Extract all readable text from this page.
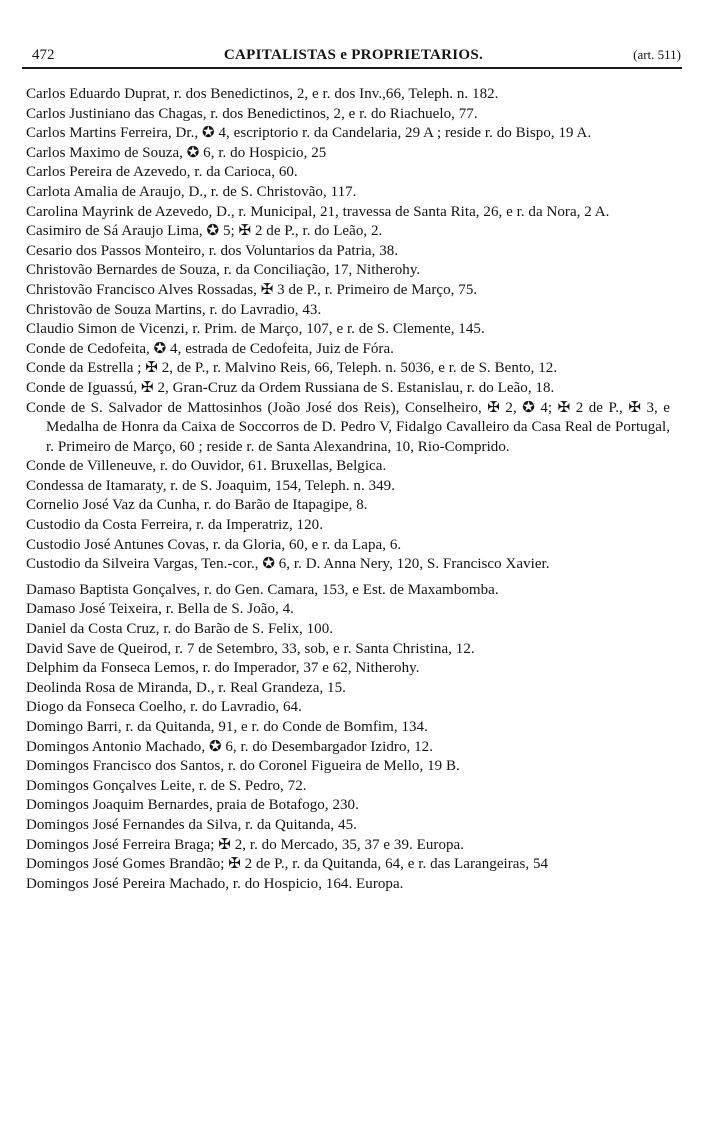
472	CAPITALISTAS e PROPRIETARIOS.	(art. 511)
Carlos Eduardo Duprat, r. dos Benedictinos, 2, e r. dos Inv.,66, Teleph. n. 182.
Carlos Justiniano das Chagas, r. dos Benedictinos, 2, e r. do Riachuelo, 77.
Carlos Martins Ferreira, Dr., ✪ 4, escriptorio r. da Candelaria, 29 A ; reside r. do Bispo, 19 A.
Carlos Maximo de Souza, ✪ 6, r. do Hospicio, 25
Carlos Pereira de Azevedo, r. da Carioca, 60.
Carlota Amalia de Araujo, D., r. de S. Christovão, 117.
Carolina Mayrink de Azevedo, D., r. Municipal, 21, travessa de Santa Rita, 26, e r. da Nora, 2 A.
Casimiro de Sá Araujo Lima, ✪ 5; ✠ 2 de P., r. do Leão, 2.
Cesario dos Passos Monteiro, r. dos Voluntarios da Patria, 38.
Christovão Bernardes de Souza, r. da Conciliação, 17, Nitherohy.
Christovão Francisco Alves Rossadas, ✠ 3 de P., r. Primeiro de Março, 75.
Christovão de Souza Martins, r. do Lavradio, 43.
Claudio Simon de Vicenzi, r. Prim. de Março, 107, e r. de S. Clemente, 145.
Conde de Cedofeita, ✪ 4, estrada de Cedofeita, Juiz de Fóra.
Conde da Estrella ; ✠ 2, de P., r. Malvino Reis, 66, Teleph. n. 5036, e r. de S. Bento, 12.
Conde de Iguassú, ✠ 2, Gran-Cruz da Ordem Russiana de S. Estanislau, r. do Leão, 18.
Conde de S. Salvador de Mattosinhos (João José dos Reis), Conselheiro, ✠ 2, ✪ 4; ✠ 2 de P., ✠ 3, e Medalha de Honra da Caixa de Soccorros de D. Pedro V, Fidalgo Cavalleiro da Casa Real de Portugal, r. Primeiro de Março, 60 ; reside r. de Santa Alexandrina, 10, Rio-Comprido.
Conde de Villeneuve, r. do Ouvidor, 61. Bruxellas, Belgica.
Condessa de Itamaraty, r. de S. Joaquim, 154, Teleph. n. 349.
Cornelio José Vaz da Cunha, r. do Barão de Itapagipe, 8.
Custodio da Costa Ferreira, r. da Imperatriz, 120.
Custodio José Antunes Covas, r. da Gloria, 60, e r. da Lapa, 6.
Custodio da Silveira Vargas, Ten.-cor., ✪ 6, r. D. Anna Nery, 120, S. Francisco Xavier.
Damaso Baptista Gonçalves, r. do Gen. Camara, 153, e Est. de Maxambomba.
Damaso José Teixeira, r. Bella de S. João, 4.
Daniel da Costa Cruz, r. do Barão de S. Felix, 100.
David Save de Queirod, r. 7 de Setembro, 33, sob, e r. Santa Christina, 12.
Delphim da Fonseca Lemos, r. do Imperador, 37 e 62, Nitherohy.
Deolinda Rosa de Miranda, D., r. Real Grandeza, 15.
Diogo da Fonseca Coelho, r. do Lavradio, 64.
Domingo Barri, r. da Quitanda, 91, e r. do Conde de Bomfim, 134.
Domingos Antonio Machado, ✪ 6, r. do Desembargador Izidro, 12.
Domingos Francisco dos Santos, r. do Coronel Figueira de Mello, 19 B.
Domingos Gonçalves Leite, r. de S. Pedro, 72.
Domingos Joaquim Bernardes, praia de Botafogo, 230.
Domingos José Fernandes da Silva, r. da Quitanda, 45.
Domingos José Ferreira Braga; ✠ 2, r. do Mercado, 35, 37 e 39. Europa.
Domingos José Gomes Brandão; ✠ 2 de P., r. da Quitanda, 64, e r. das Larangeiras, 54
Domingos José Pereira Machado, r. do Hospicio, 164. Europa.
